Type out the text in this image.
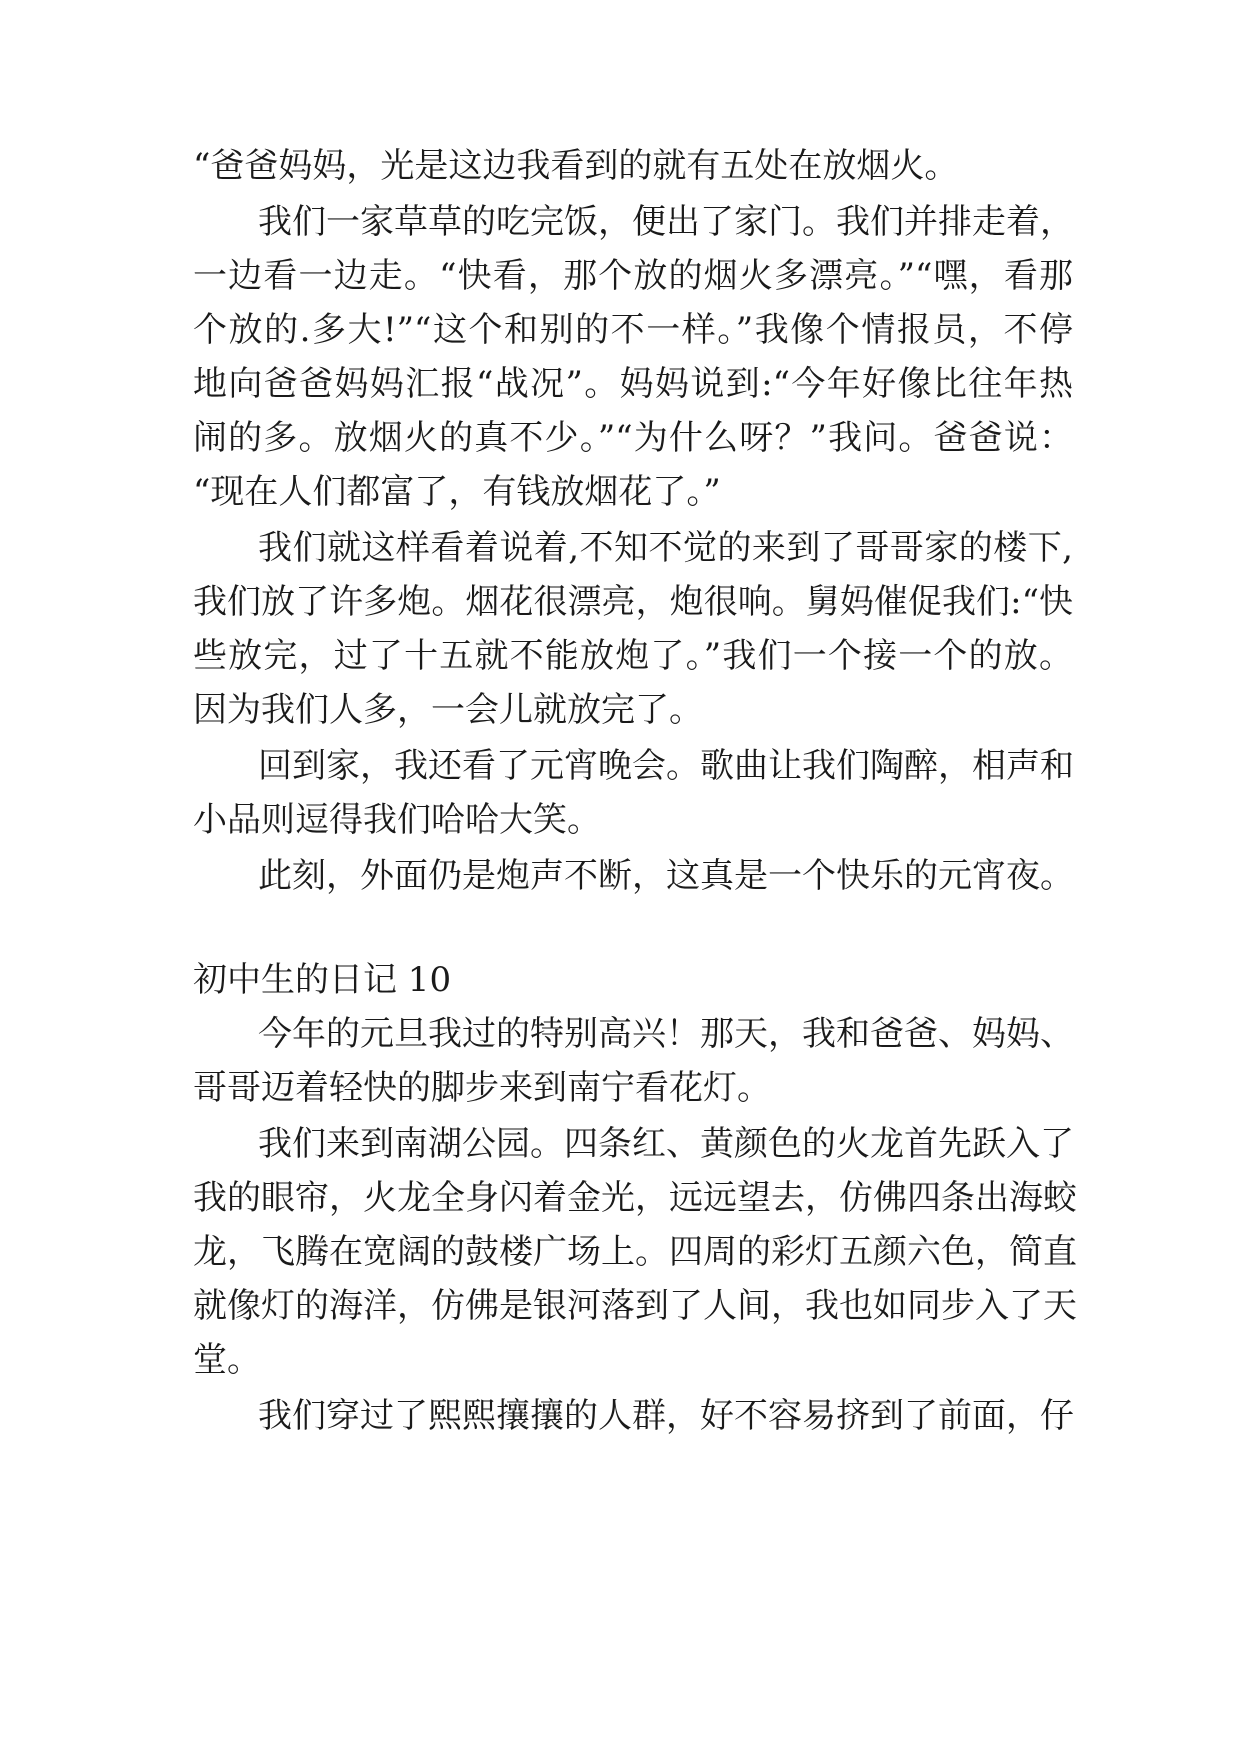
“爸爸妈妈，光是这边我看到的就有五处在放烟火。

我们一家草草的吃完饭，便出了家门。我们并排走着，

一边看一边走。“快看，那个放的烟火多漂亮。”“嘿，看那

个放的.多大!”“这个和别的不一样。”我像个情报员，不停

地向爸爸妈妈汇报“战况”。妈妈说到:“今年好像比往年热

闹的多。放烟火的真不少。”“为什么呀？”我问。爸爸说：

“现在人们都富了，有钱放烟花了。”

我们就这样看着说着,不知不觉的来到了哥哥家的楼下,

我们放了许多炮。烟花很漂亮，炮很响。舅妈催促我们:“快

些放完，过了十五就不能放炮了。”我们一个接一个的放。

因为我们人多，一会儿就放完了。

回到家，我还看了元宵晚会。歌曲让我们陶醉，相声和

小品则逗得我们哈哈大笑。

此刻，外面仍是炮声不断，这真是一个快乐的元宵夜。

初中生的日记 10

今年的元旦我过的特别高兴！那天，我和爸爸、妈妈、

哥哥迈着轻快的脚步来到南宁看花灯。

我们来到南湖公园。四条红、黄颜色的火龙首先跃入了

我的眼帘，火龙全身闪着金光，远远望去，仿佛四条出海蛟

龙，飞腾在宽阔的鼓楼广场上。四周的彩灯五颜六色，简直

就像灯的海洋，仿佛是银河落到了人间，我也如同步入了天

堂。

我们穿过了熙熙攘攘的人群，好不容易挤到了前面，仔
